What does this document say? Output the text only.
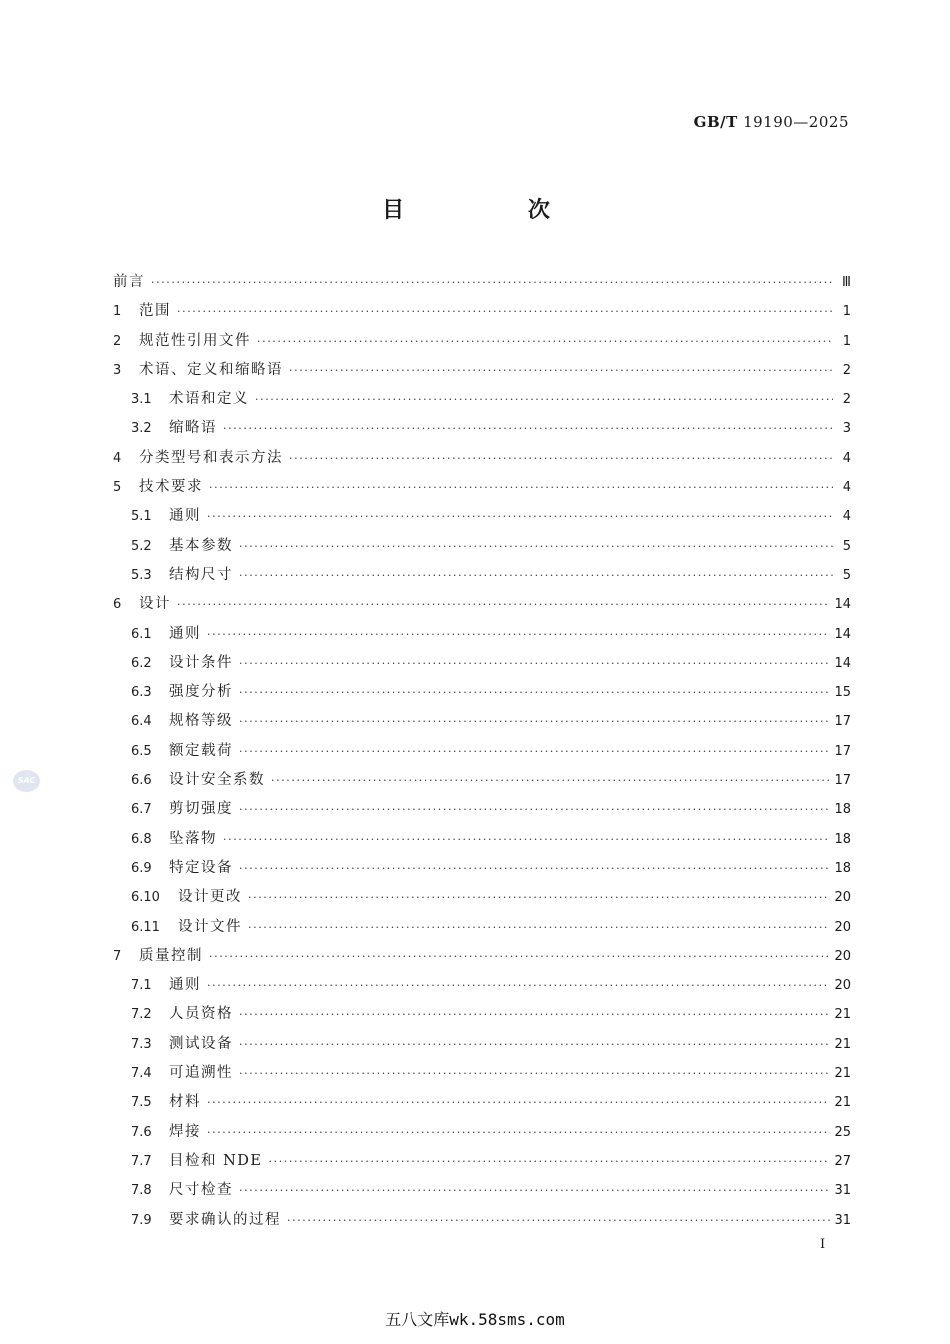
GB/T 19190—2025
目 次
前言 ·····	Ⅲ
1	范围 ·····	1
2	规范性引用文件 ·····	1
3	术语、定义和缩略语 ·····	2
3.1	术语和定义 ·····	2
3.2	缩略语 ·····	3
4	分类型号和表示方法 ·····	4
5	技术要求 ·····	4
5.1	通则 ·····	4
5.2	基本参数 ·····	5
5.3	结构尺寸 ·····	5
6	设计 ·····	14
6.1	通则 ·····	14
6.2	设计条件 ·····	14
6.3	强度分析 ·····	15
6.4	规格等级 ·····	17
6.5	额定载荷 ·····	17
6.6	设计安全系数 ·····	17
6.7	剪切强度 ·····	18
6.8	坠落物 ·····	18
6.9	特定设备 ·····	18
6.10	设计更改 ·····	20
6.11	设计文件 ·····	20
7	质量控制 ·····	20
7.1	通则 ·····	20
7.2	人员资格 ·····	21
7.3	测试设备 ·····	21
7.4	可追溯性 ·····	21
7.5	材料 ·····	21
7.6	焊接 ·····	25
7.7	目检和 NDE ·····	27
7.8	尺寸检查 ·····	31
7.9	要求确认的过程 ·····	31
I
SAC
五八文库wk.58sms.com
